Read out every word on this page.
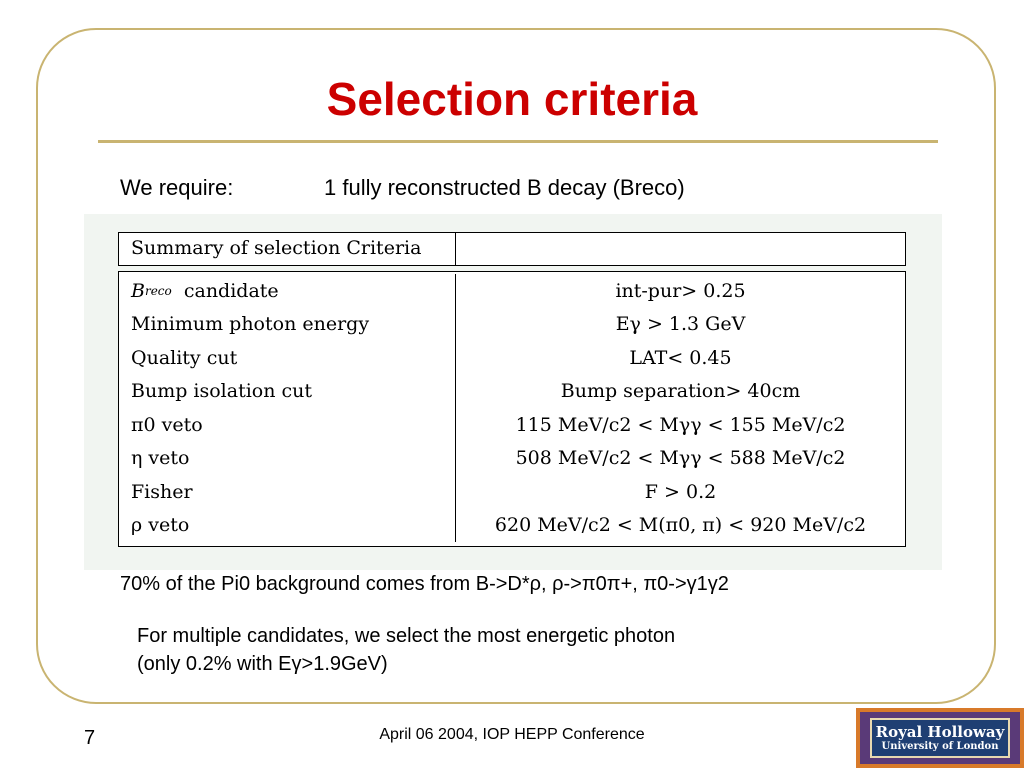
Selection criteria
We require:	1 fully reconstructed B decay (Breco)
Summary of selection Criteria
B reco candidate	int-pur> 0.25
Minimum photon energy	Eγ > 1.3 GeV
Quality cut	LAT< 0.45
Bump isolation cut	Bump separation> 40cm
π0 veto	115 MeV/c2 < Mγγ < 155 MeV/c2
η veto	508 MeV/c2 < Mγγ < 588 MeV/c2
Fisher	F > 0.2
ρ veto	620 MeV/c2 < M(π0, π) < 920 MeV/c2
70% of the Pi0 background comes from B->D*ρ, ρ->π0π+, π0->γ1γ2
For multiple candidates, we select the most energetic photon
(only 0.2% with Eγ>1.9GeV)
7	April 06 2004, IOP HEPP Conference	Royal Holloway
University of London
